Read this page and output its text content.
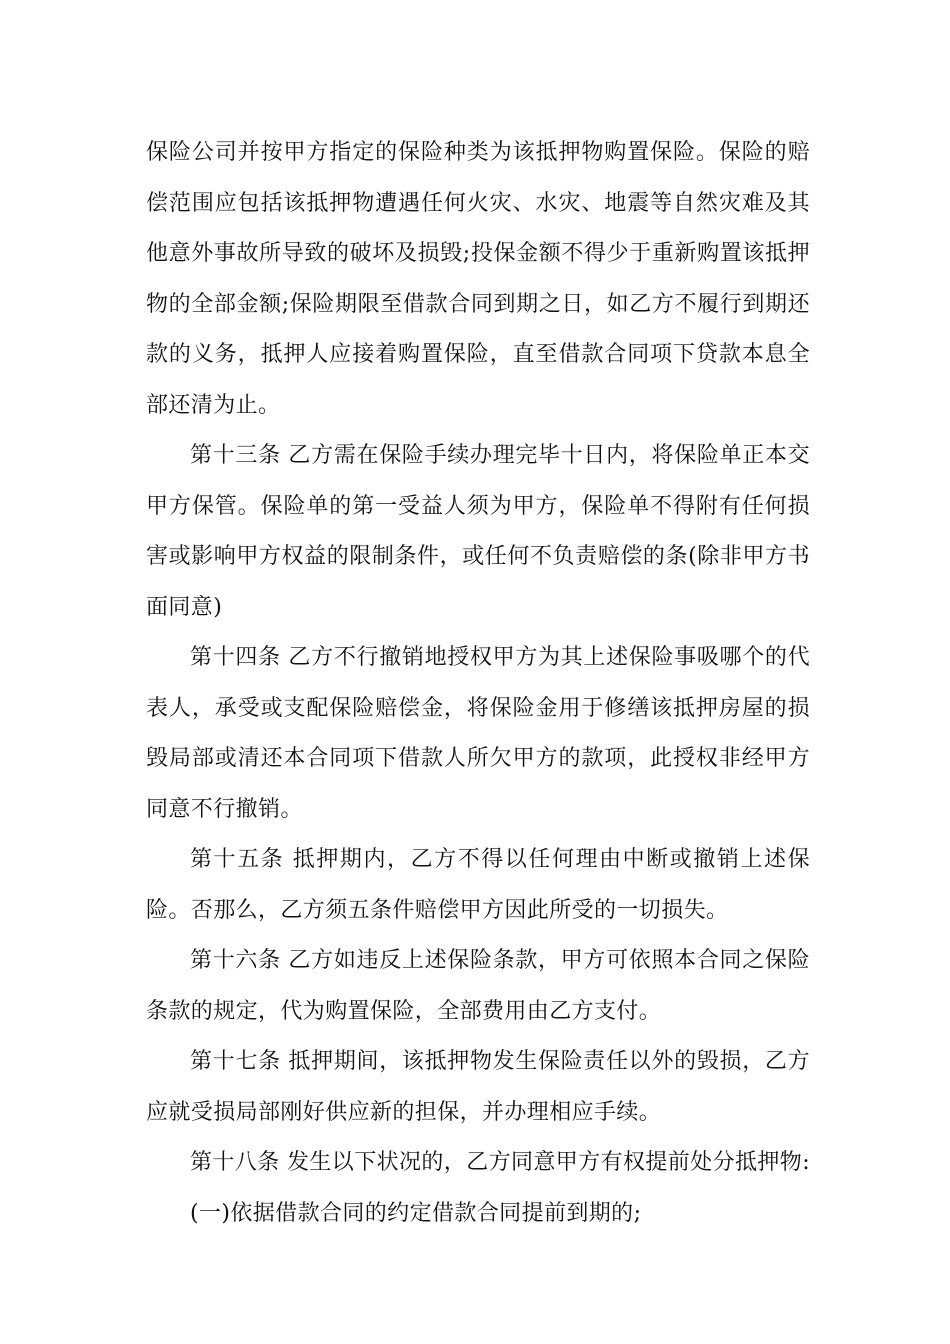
保险公司并按甲方指定的保险种类为该抵押物购置保险。保险的赔偿范围应包括该抵押物遭遇任何火灾、水灾、地震等自然灾难及其他意外事故所导致的破坏及损毁;投保金额不得少于重新购置该抵押物的全部金额;保险期限至借款合同到期之日，如乙方不履行到期还款的义务，抵押人应接着购置保险，直至借款合同项下贷款本息全部还清为止。

第十三条 乙方需在保险手续办理完毕十日内，将保险单正本交甲方保管。保险单的第一受益人须为甲方，保险单不得附有任何损害或影响甲方权益的限制条件，或任何不负责赔偿的条(除非甲方书面同意)

第十四条 乙方不行撤销地授权甲方为其上述保险事吸哪个的代表人，承受或支配保险赔偿金，将保险金用于修缮该抵押房屋的损毁局部或清还本合同项下借款人所欠甲方的款项，此授权非经甲方同意不行撤销。

第十五条 抵押期内，乙方不得以任何理由中断或撤销上述保险。否那么，乙方须五条件赔偿甲方因此所受的一切损失。

第十六条 乙方如违反上述保险条款，甲方可依照本合同之保险条款的规定，代为购置保险，全部费用由乙方支付。

第十七条 抵押期间，该抵押物发生保险责任以外的毁损，乙方应就受损局部刚好供应新的担保，并办理相应手续。

第十八条 发生以下状况的，乙方同意甲方有权提前处分抵押物:

(一)依据借款合同的约定借款合同提前到期的;
